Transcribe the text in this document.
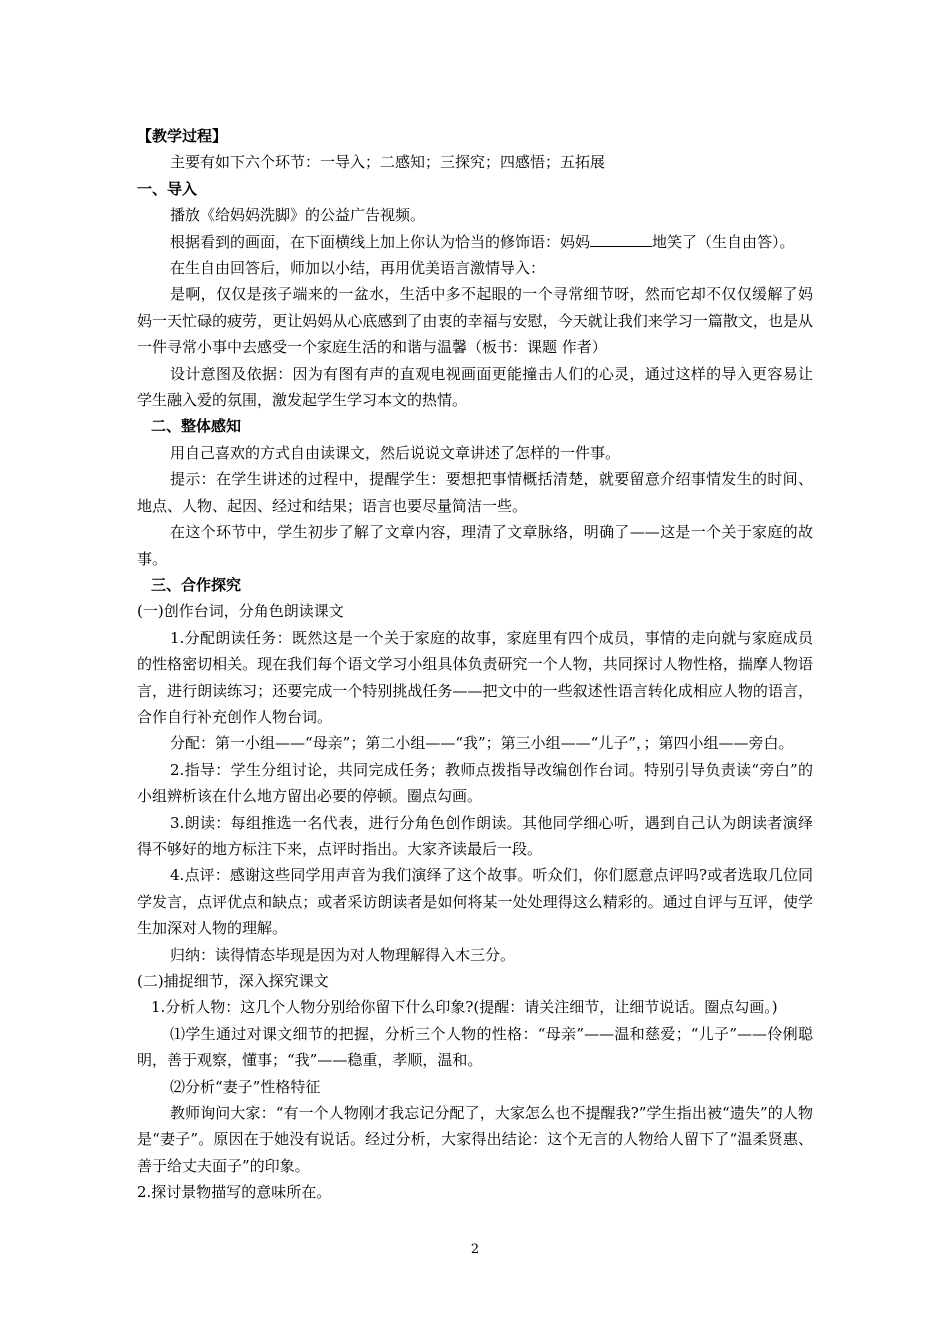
【教学过程】

主要有如下六个环节：一导入；二感知；三探究；四感悟；五拓展

一、导入

播放《给妈妈洗脚》的公益广告视频。

根据看到的画面，在下面横线上加上你认为恰当的修饰语：妈妈	地笑了（生自由答）。

在生自由回答后，师加以小结，再用优美语言激情导入：

是啊，仅仅是孩子端来的一盆水，生活中多不起眼的一个寻常细节呀，然而它却不仅仅缓解了妈妈一天忙碌的疲劳，更让妈妈从心底感到了由衷的幸福与安慰，今天就让我们来学习一篇散文，也是从一件寻常小事中去感受一个家庭生活的和谐与温馨（板书：课题 作者）

设计意图及依据：因为有图有声的直观电视画面更能撞击人们的心灵，通过这样的导入更容易让学生融入爱的氛围，激发起学生学习本文的热情。

二、整体感知

用自己喜欢的方式自由读课文，然后说说文章讲述了怎样的一件事。

提示：在学生讲述的过程中，提醒学生：要想把事情概括清楚，就要留意介绍事情发生的时间、地点、人物、起因、经过和结果；语言也要尽量简洁一些。

在这个环节中，学生初步了解了文章内容，理清了文章脉络，明确了——这是一个关于家庭的故事。

三、合作探究

(一)创作台词，分角色朗读课文

1.分配朗读任务：既然这是一个关于家庭的故事，家庭里有四个成员，事情的走向就与家庭成员的性格密切相关。现在我们每个语文学习小组具体负责研究一个人物，共同探讨人物性格，揣摩人物语言，进行朗读练习；还要完成一个特别挑战任务——把文中的一些叙述性语言转化成相应人物的语言，合作自行补充创作人物台词。

分配：第一小组——“母亲”；第二小组——“我”；第三小组——“儿子”，；第四小组——旁白。

2.指导：学生分组讨论，共同完成任务；教师点拨指导改编创作台词。特别引导负责读“旁白”的小组辨析该在什么地方留出必要的停顿。圈点勾画。

3.朗读：每组推选一名代表，进行分角色创作朗读。其他同学细心听，遇到自己认为朗读者演绎得不够好的地方标注下来，点评时指出。大家齐读最后一段。

4.点评：感谢这些同学用声音为我们演绎了这个故事。听众们，你们愿意点评吗?或者选取几位同学发言，点评优点和缺点；或者采访朗读者是如何将某一处处理得这么精彩的。通过自评与互评，使学生加深对人物的理解。

归纳：读得情态毕现是因为对人物理解得入木三分。

(二)捕捉细节，深入探究课文

1.分析人物：这几个人物分别给你留下什么印象?(提醒：请关注细节，让细节说话。圈点勾画。)

⑴学生通过对课文细节的把握，分析三个人物的性格：“母亲”——温和慈爱；“儿子”——伶俐聪明，善于观察，懂事；“我”——稳重，孝顺，温和。

⑵分析“妻子”性格特征

教师询问大家：“有一个人物刚才我忘记分配了，大家怎么也不提醒我?”学生指出被“遗失”的人物是“妻子”。原因在于她没有说话。经过分析，大家得出结论：这个无言的人物给人留下了“温柔贤惠、善于给丈夫面子”的印象。

2.探讨景物描写的意味所在。

2
